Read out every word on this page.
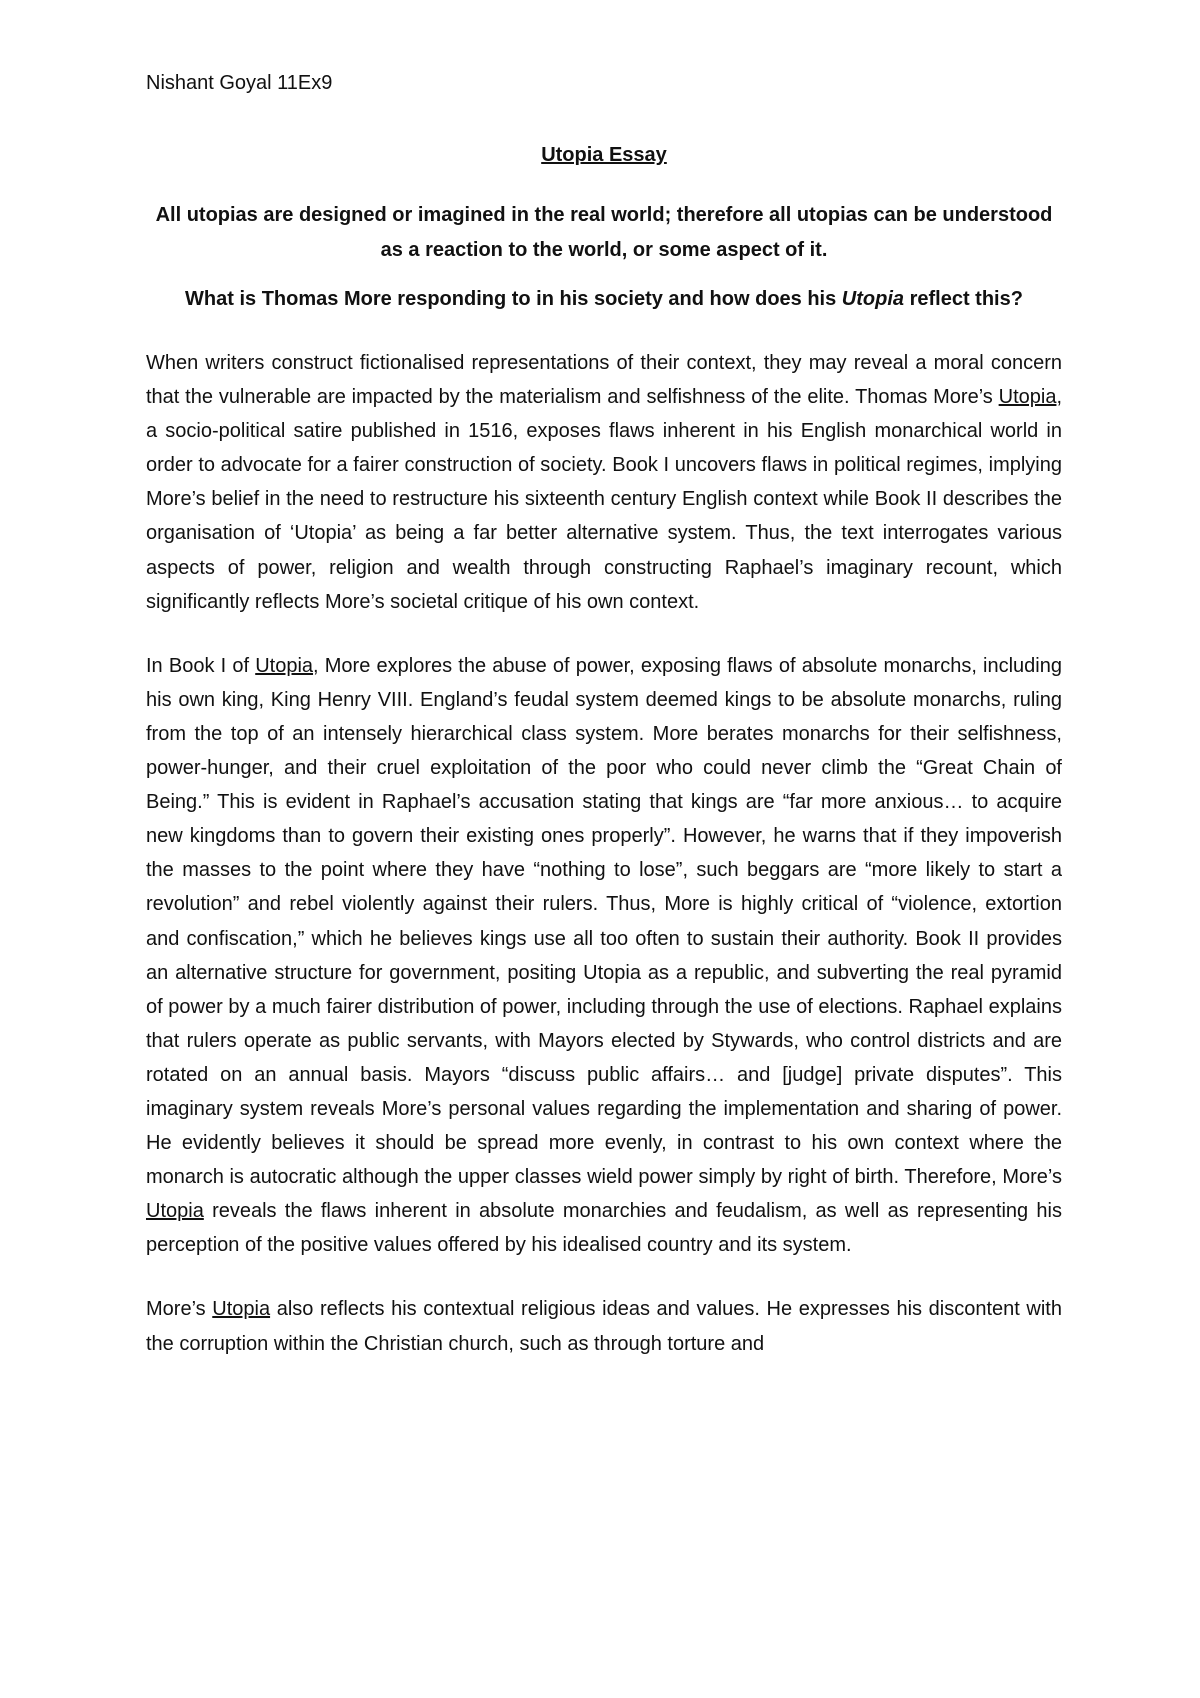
Nishant Goyal 11Ex9
Utopia Essay
All utopias are designed or imagined in the real world; therefore all utopias can be understood as a reaction to the world, or some aspect of it.
What is Thomas More responding to in his society and how does his Utopia reflect this?

When writers construct fictionalised representations of their context, they may reveal a moral concern that the vulnerable are impacted by the materialism and selfishness of the elite. Thomas More’s Utopia, a socio-political satire published in 1516, exposes flaws inherent in his English monarchical world in order to advocate for a fairer construction of society. Book I uncovers flaws in political regimes, implying More’s belief in the need to restructure his sixteenth century English context while Book II describes the organisation of ‘Utopia’ as being a far better alternative system. Thus, the text interrogates various aspects of power, religion and wealth through constructing Raphael’s imaginary recount, which significantly reflects More’s societal critique of his own context.

In Book I of Utopia, More explores the abuse of power, exposing flaws of absolute monarchs, including his own king, King Henry VIII. England’s feudal system deemed kings to be absolute monarchs, ruling from the top of an intensely hierarchical class system. More berates monarchs for their selfishness, power-hunger, and their cruel exploitation of the poor who could never climb the “Great Chain of Being.” This is evident in Raphael’s accusation stating that kings are “far more anxious… to acquire new kingdoms than to govern their existing ones properly”. However, he warns that if they impoverish the masses to the point where they have “nothing to lose”, such beggars are “more likely to start a revolution” and rebel violently against their rulers. Thus, More is highly critical of “violence, extortion and confiscation,” which he believes kings use all too often to sustain their authority. Book II provides an alternative structure for government, positing Utopia as a republic, and subverting the real pyramid of power by a much fairer distribution of power, including through the use of elections. Raphael explains that rulers operate as public servants, with Mayors elected by Stywards, who control districts and are rotated on an annual basis. Mayors “discuss public affairs… and [judge] private disputes”. This imaginary system reveals More’s personal values regarding the implementation and sharing of power. He evidently believes it should be spread more evenly, in contrast to his own context where the monarch is autocratic although the upper classes wield power simply by right of birth. Therefore, More’s Utopia reveals the flaws inherent in absolute monarchies and feudalism, as well as representing his perception of the positive values offered by his idealised country and its system.

More’s Utopia also reflects his contextual religious ideas and values. He expresses his discontent with the corruption within the Christian church, such as through torture and
